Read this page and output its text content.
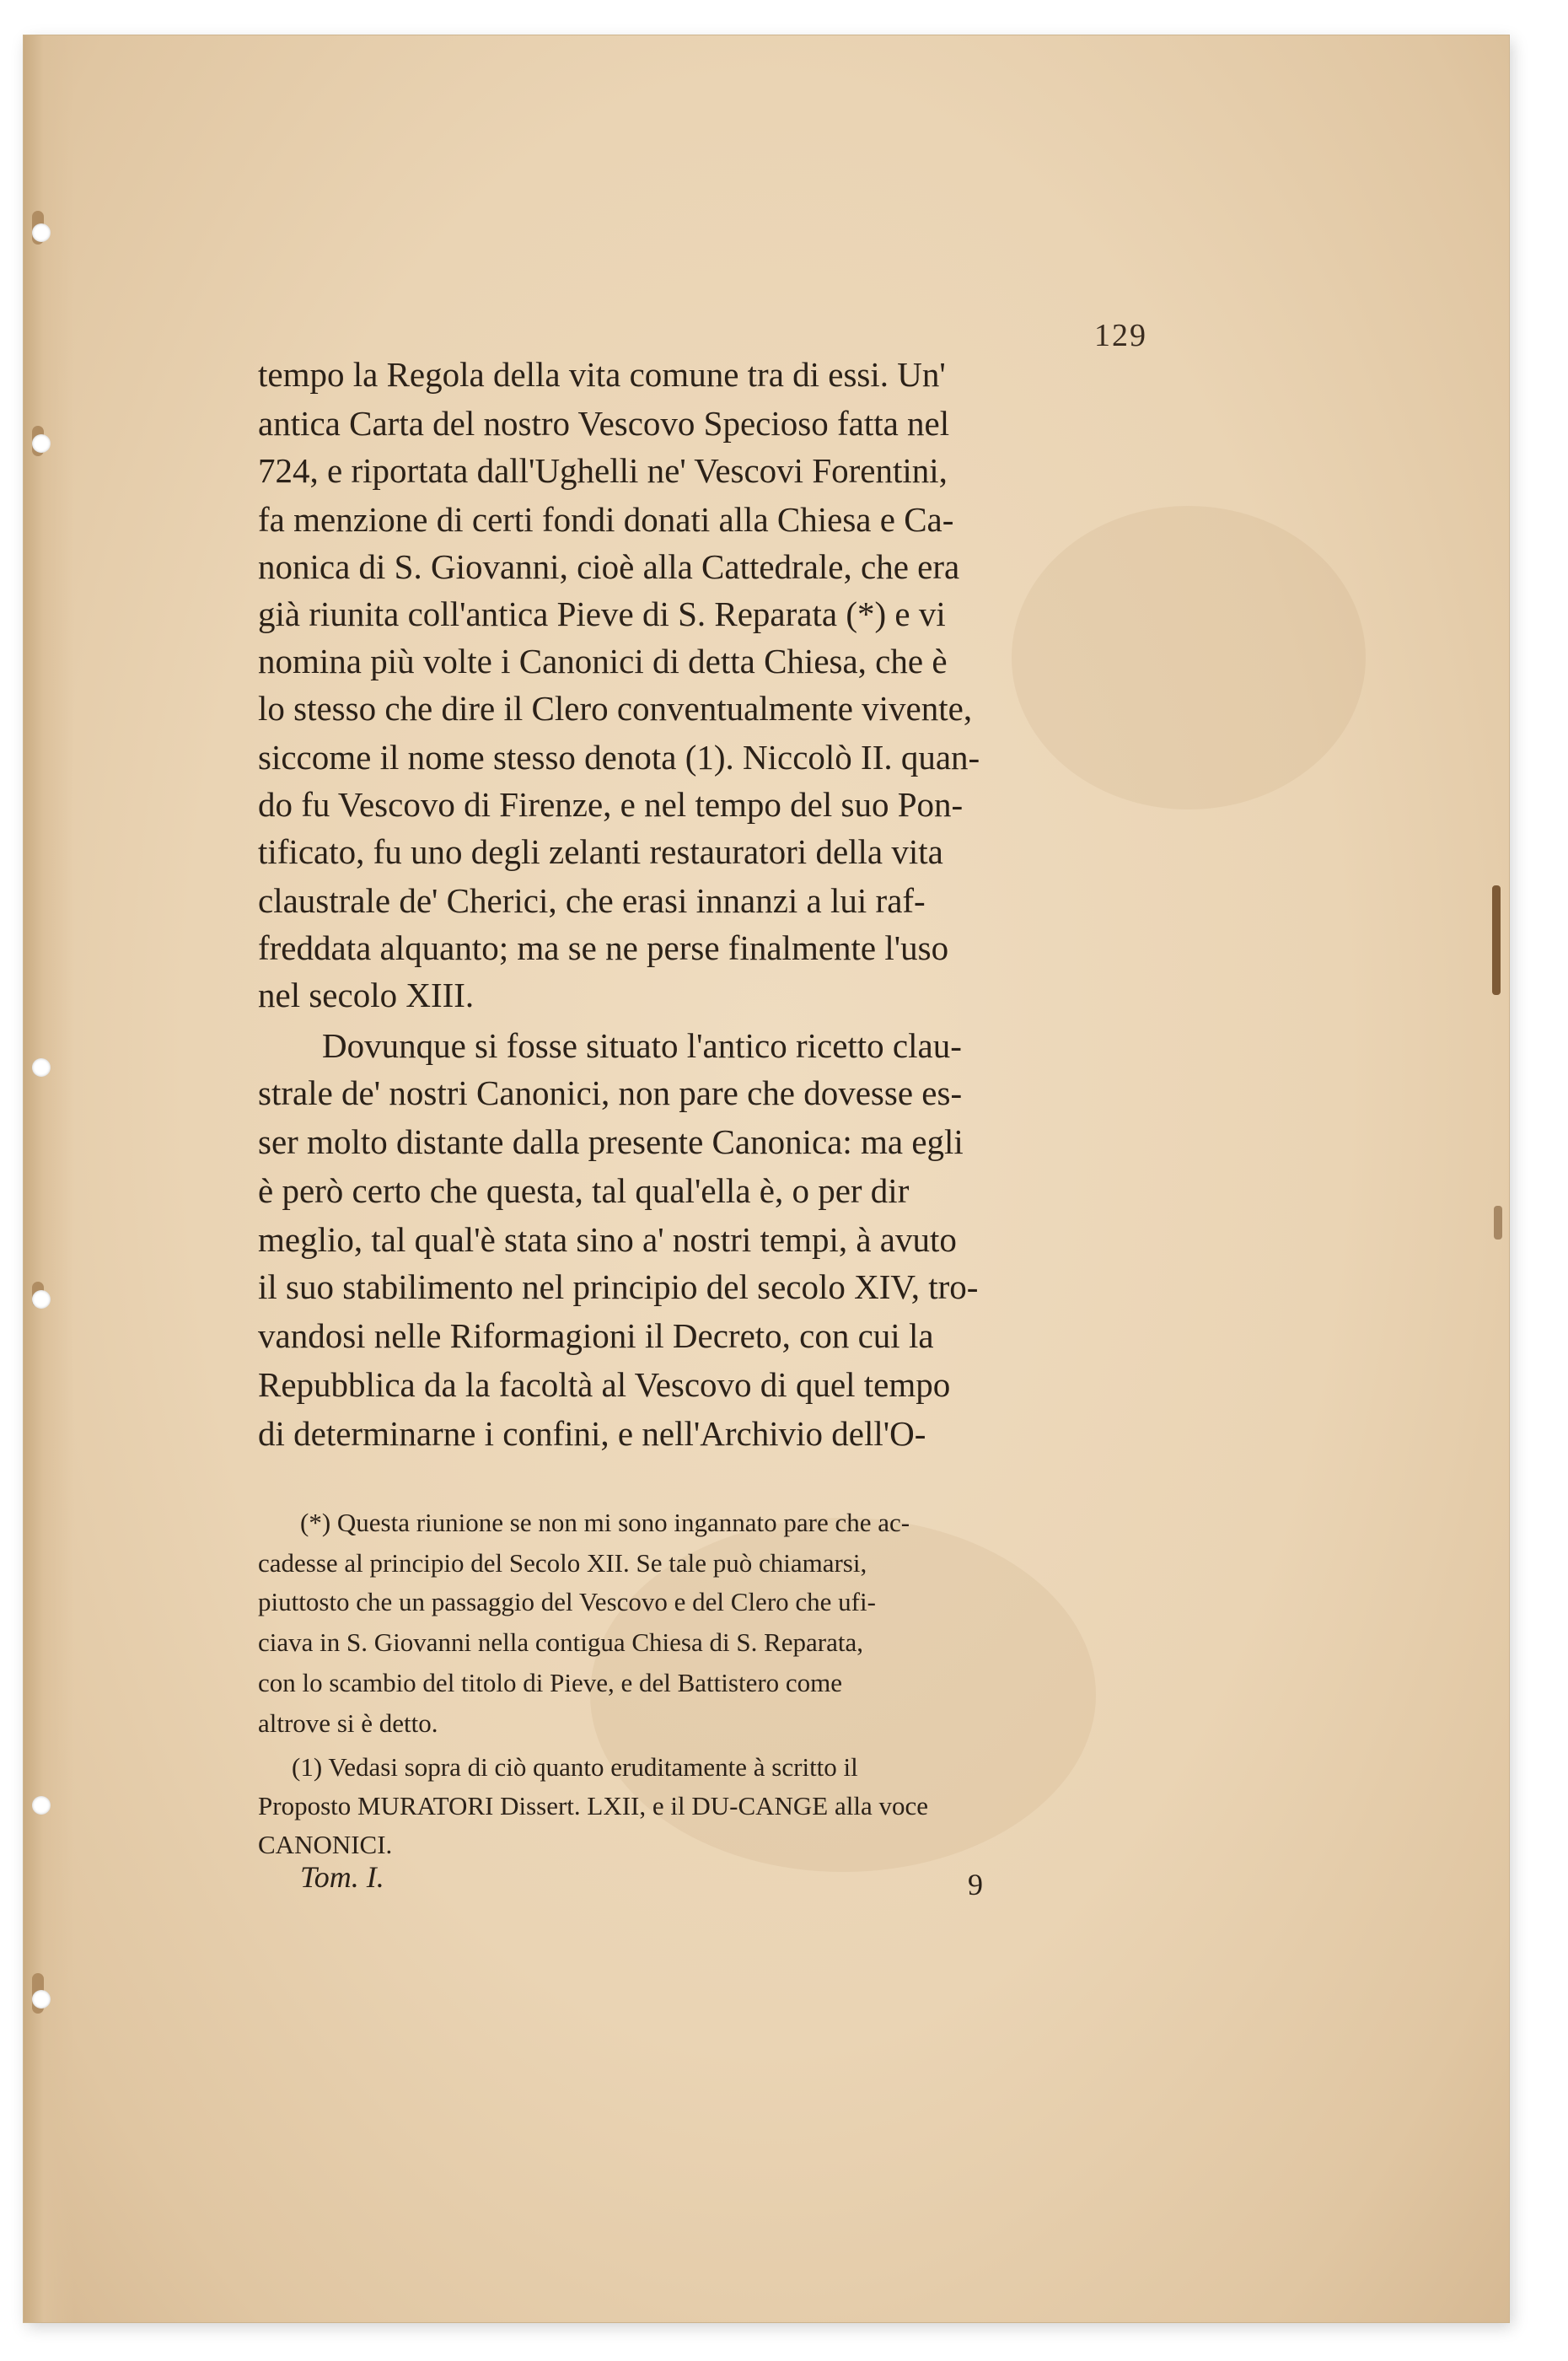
129
tempo la Regola della vita comune tra di essi. Un'
antica Carta del nostro Vescovo Specioso fatta nel
724, e riportata dall'Ughelli ne' Vescovi Forentini,
fa menzione di certi fondi donati alla Chiesa e Ca-
nonica di S. Giovanni, cioè alla Cattedrale, che era
già riunita coll'antica Pieve di S. Reparata (*) e vi
nomina più volte i Canonici di detta Chiesa, che è
lo stesso che dire il Clero conventualmente vivente,
siccome il nome stesso denota (1). Niccolò II. quan-
do fu Vescovo di Firenze, e nel tempo del suo Pon-
tificato, fu uno degli zelanti restauratori della vita
claustrale de' Cherici, che erasi innanzi a lui raf-
freddata alquanto; ma se ne perse finalmente l'uso
nel secolo XIII.
Dovunque si fosse situato l'antico ricetto clau-
strale de' nostri Canonici, non pare che dovesse es-
ser molto distante dalla presente Canonica: ma egli
è però certo che questa, tal qual'ella è, o per dir
meglio, tal qual'è stata sino a' nostri tempi, à avuto
il suo stabilimento nel principio del secolo XIV, tro-
vandosi nelle Riformagioni il Decreto, con cui la
Repubblica da la facoltà al Vescovo di quel tempo
di determinarne i confini, e nell'Archivio dell'O-
(*) Questa riunione se non mi sono ingannato pare che ac-
cadesse al principio del Secolo XII. Se tale può chiamarsi,
piuttosto che un passaggio del Vescovo e del Clero che ufi-
ciava in S. Giovanni nella contigua Chiesa di S. Reparata,
con lo scambio del titolo di Pieve, e del Battistero come
altrove si è detto.
(1) Vedasi sopra di ciò quanto eruditamente à scritto il
Proposto MURATORI Dissert. LXII, e il DU-CANGE alla voce
CANONICI.
Tom. I.	9
